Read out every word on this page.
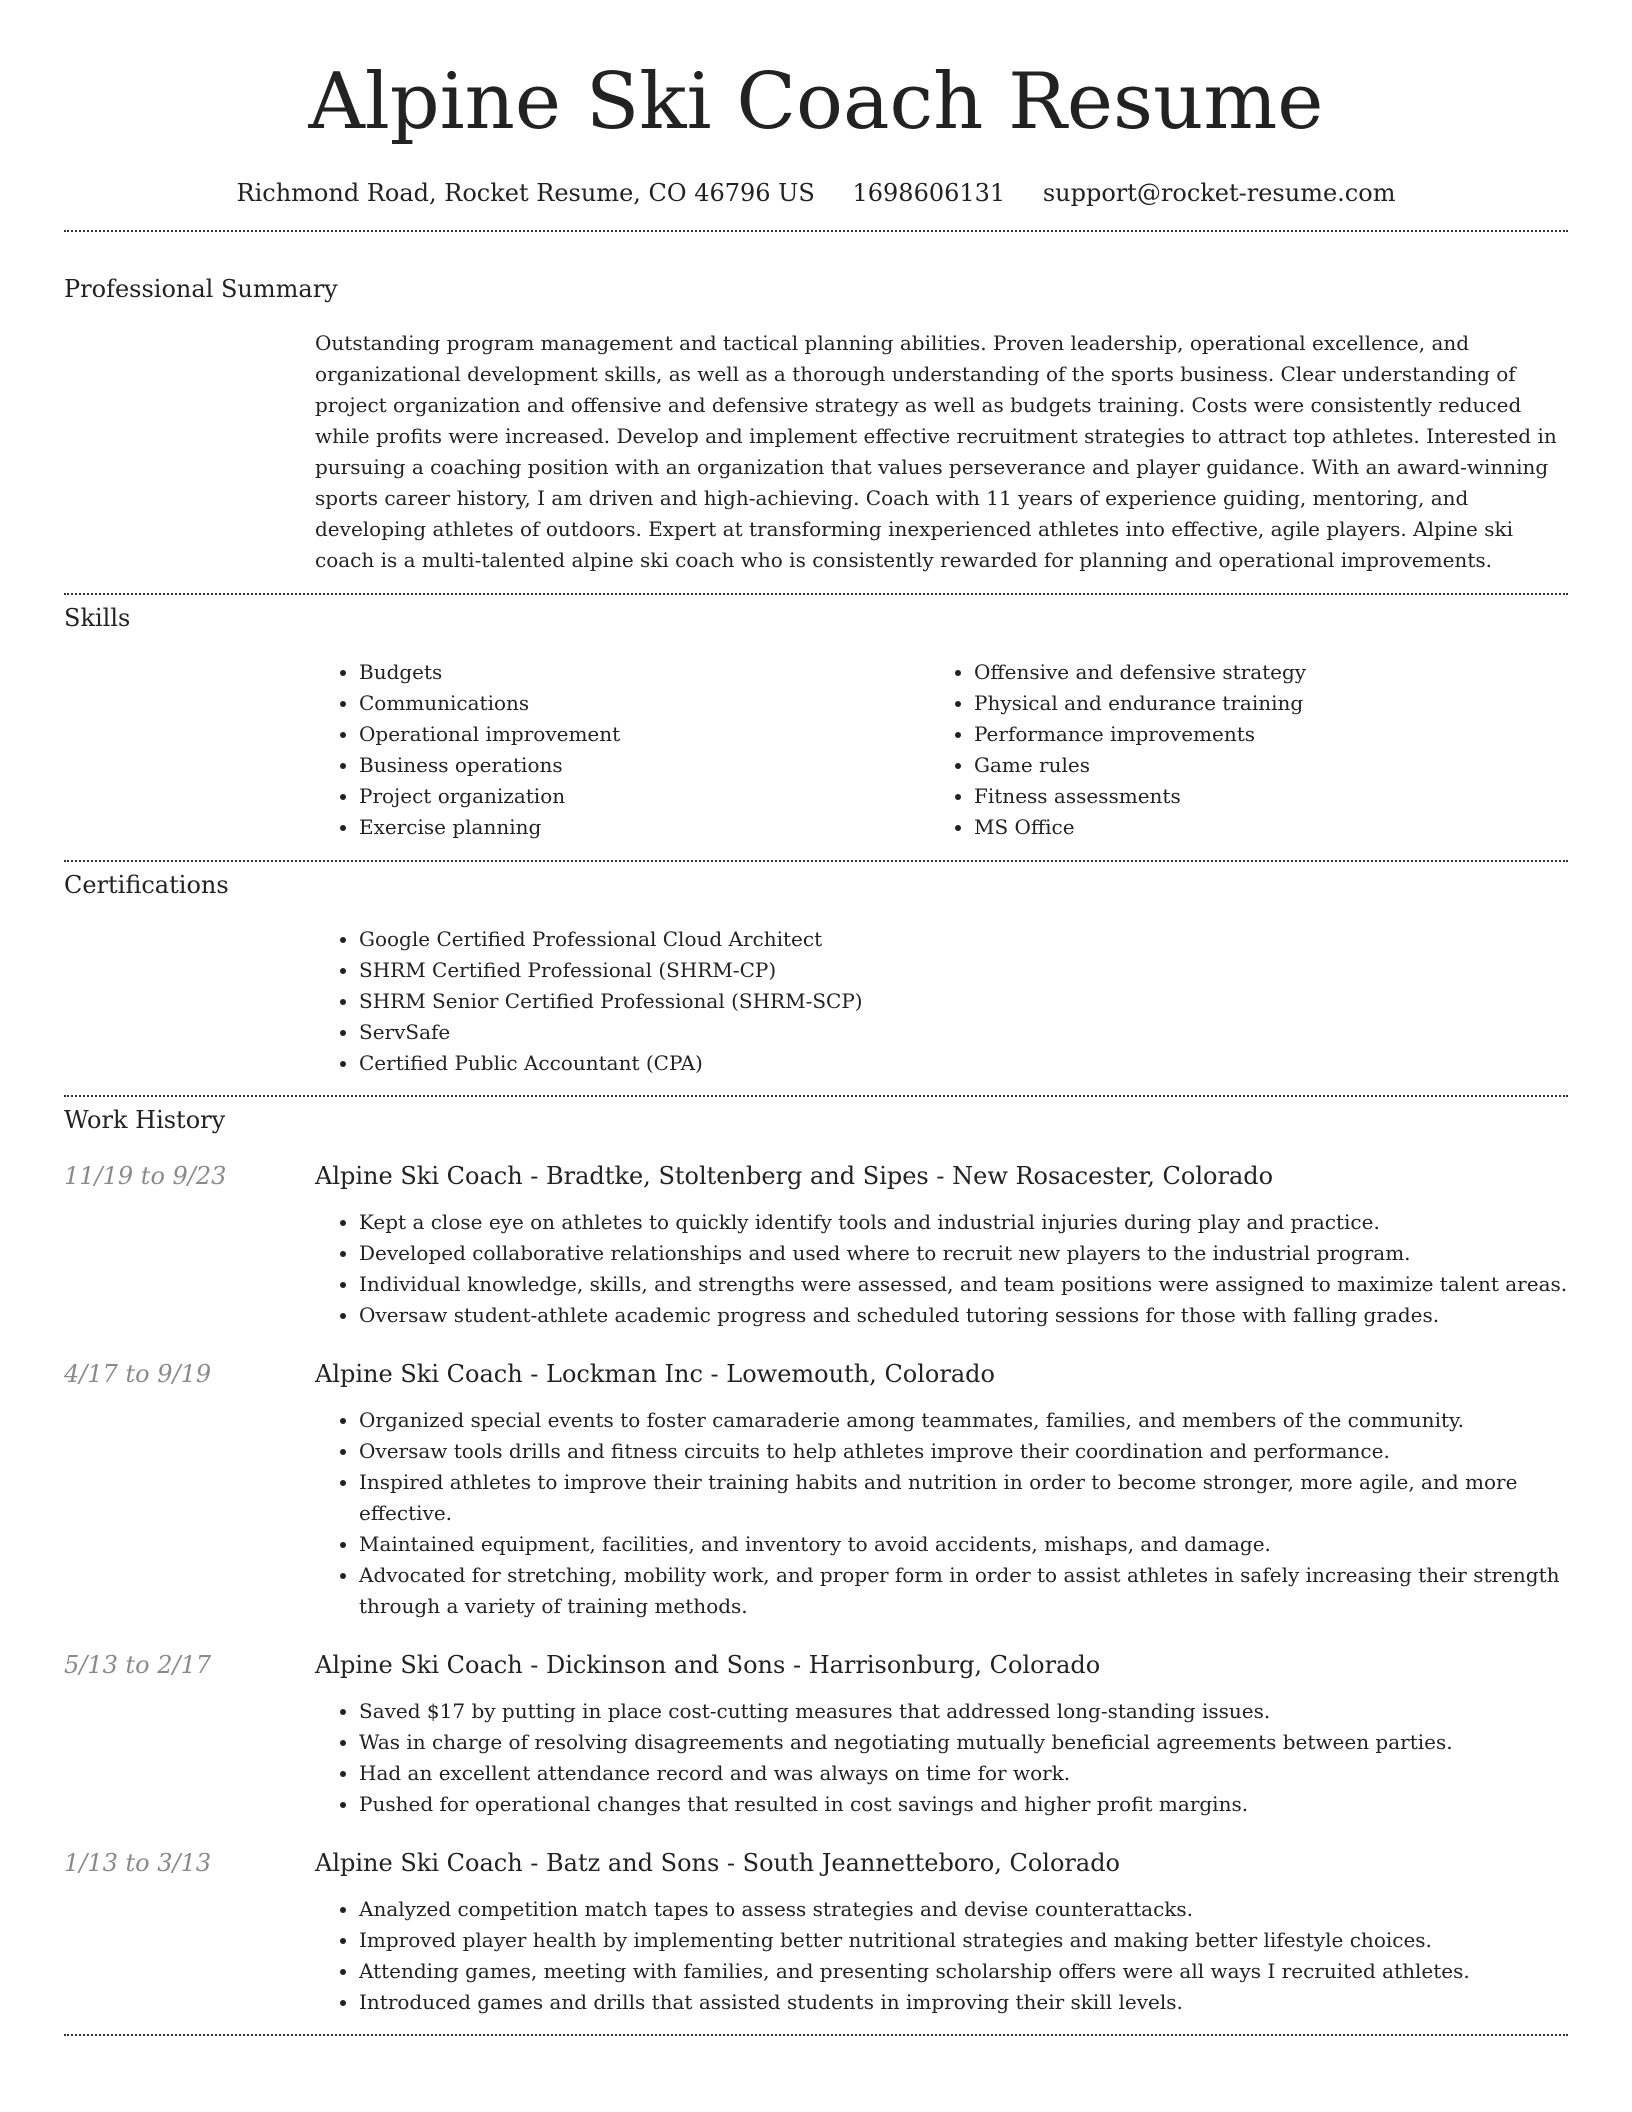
Alpine Ski Coach Resume
Richmond Road, Rocket Resume, CO 46796 US 1698606131 support@rocket-resume.com
Professional Summary
Outstanding program management and tactical planning abilities. Proven leadership, operational excellence, and organizational development skills, as well as a thorough understanding of the sports business. Clear understanding of project organization and offensive and defensive strategy as well as budgets training. Costs were consistently reduced while profits were increased. Develop and implement effective recruitment strategies to attract top athletes. Interested in pursuing a coaching position with an organization that values perseverance and player guidance. With an award-winning sports career history, I am driven and high-achieving. Coach with 11 years of experience guiding, mentoring, and developing athletes of outdoors. Expert at transforming inexperienced athletes into effective, agile players. Alpine ski coach is a multi-talented alpine ski coach who is consistently rewarded for planning and operational improvements.
Skills
• Budgets
• Communications
• Operational improvement
• Business operations
• Project organization
• Exercise planning
• Offensive and defensive strategy
• Physical and endurance training
• Performance improvements
• Game rules
• Fitness assessments
• MS Office
Certifications
• Google Certified Professional Cloud Architect
• SHRM Certified Professional (SHRM-CP)
• SHRM Senior Certified Professional (SHRM-SCP)
• ServSafe
• Certified Public Accountant (CPA)
Work History
11/19 to 9/23	Alpine Ski Coach - Bradtke, Stoltenberg and Sipes - New Rosacester, Colorado
• Kept a close eye on athletes to quickly identify tools and industrial injuries during play and practice.
• Developed collaborative relationships and used where to recruit new players to the industrial program.
• Individual knowledge, skills, and strengths were assessed, and team positions were assigned to maximize talent areas.
• Oversaw student-athlete academic progress and scheduled tutoring sessions for those with falling grades.
4/17 to 9/19	Alpine Ski Coach - Lockman Inc - Lowemouth, Colorado
• Organized special events to foster camaraderie among teammates, families, and members of the community.
• Oversaw tools drills and fitness circuits to help athletes improve their coordination and performance.
• Inspired athletes to improve their training habits and nutrition in order to become stronger, more agile, and more effective.
• Maintained equipment, facilities, and inventory to avoid accidents, mishaps, and damage.
• Advocated for stretching, mobility work, and proper form in order to assist athletes in safely increasing their strength through a variety of training methods.
5/13 to 2/17	Alpine Ski Coach - Dickinson and Sons - Harrisonburg, Colorado
• Saved $17 by putting in place cost-cutting measures that addressed long-standing issues.
• Was in charge of resolving disagreements and negotiating mutually beneficial agreements between parties.
• Had an excellent attendance record and was always on time for work.
• Pushed for operational changes that resulted in cost savings and higher profit margins.
1/13 to 3/13	Alpine Ski Coach - Batz and Sons - South Jeannetteboro, Colorado
• Analyzed competition match tapes to assess strategies and devise counterattacks.
• Improved player health by implementing better nutritional strategies and making better lifestyle choices.
• Attending games, meeting with families, and presenting scholarship offers were all ways I recruited athletes.
• Introduced games and drills that assisted students in improving their skill levels.
